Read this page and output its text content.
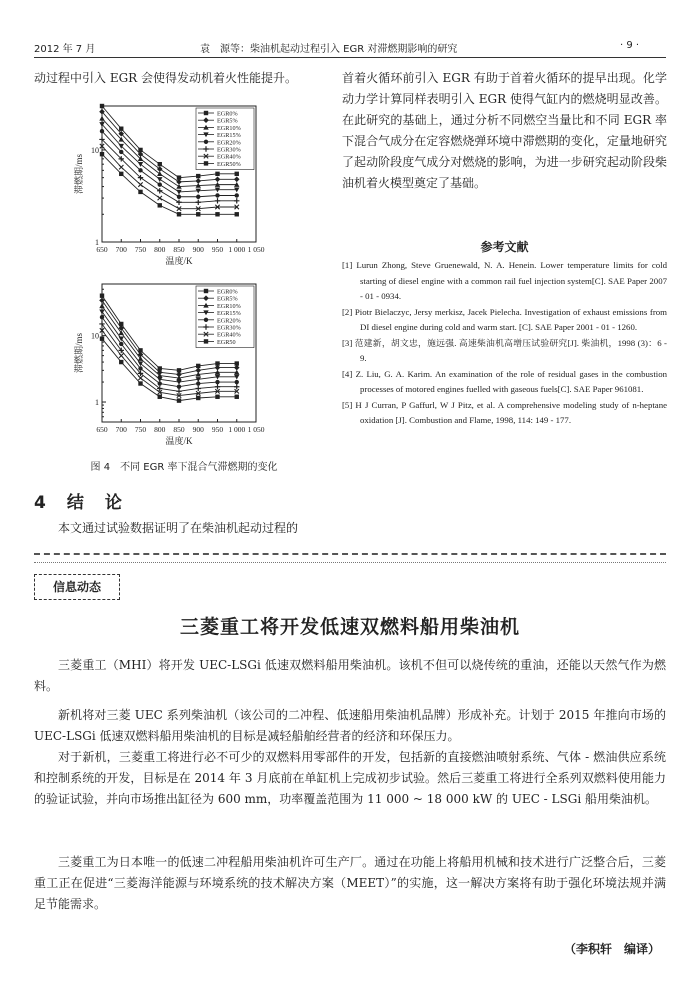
2012 年 7 月	袁　源等：柴油机起动过程引入 EGR 对滞燃期影响的研究	· 9 ·
动过程中引入 EGR 会使得发动机着火性能提升。
650 700 750 800 850 900 950 1 000 1 050
1
10
滞燃期/ms
温度/K
EGR0%
EGR5%
EGR10%
EGR15%
EGR20%
EGR30%
EGR40%
EGR50%
650 700 750 800 850 900 950 1 000 1 050
1
10
滞燃期/ms
温度/K
EGR0%
EGR5%
EGR10%
EGR15%
EGR20%
EGR30%
EGR40%
EGR50
图 4　不同 EGR 率下混合气滞燃期的变化
4　结　论
本文通过试验数据证明了在柴油机起动过程的
首着火循环前引入 EGR 有助于首着火循环的提早出现。化学动力学计算同样表明引入 EGR 使得气缸内的燃烧明显改善。在此研究的基础上，通过分析不同燃空当量比和不同 EGR 率下混合气成分在定容燃烧弹环境中滞燃期的变化，定量地研究了起动阶段度气成分对燃烧的影响，为进一步研究起动阶段柴油机着火模型奠定了基础。
参考文献
[1] Lurun Zhong, Steve Gruenewald, N. A. Henein. Lower temperature limits for cold starting of diesel engine with a common rail fuel injection system[C]. SAE Paper 2007 - 01 - 0934.
[2] Piotr Bielaczyc, Jersy merkisz, Jacek Pielecha. Investigation of exhaust emissions from DI diesel engine during cold and warm start. [C]. SAE Paper 2001 - 01 - 1260.
[3] 范建新，胡文忠，施远强. 高速柴油机高增压试验研究[J]. 柴油机，1998 (3)：6 - 9.
[4] Z. Liu, G. A. Karim. An examination of the role of residual gases in the combustion processes of motored engines fuelled with gaseous fuels[C]. SAE Paper 961081.
[5] H J Curran, P Gaffurl, W J Pitz, et al. A comprehensive modeling study of n-heptane oxidation [J]. Combustion and Flame, 1998, 114: 149 - 177.
信息动态
三菱重工将开发低速双燃料船用柴油机
三菱重工（MHI）将开发 UEC-LSGi 低速双燃料船用柴油机。该机不但可以烧传统的重油，还能以天然气作为燃料。
新机将对三菱 UEC 系列柴油机（该公司的二冲程、低速船用柴油机品牌）形成补充。计划于 2015 年推向市场的 UEC-LSGi 低速双燃料船用柴油机的目标是减轻船舶经营者的经济和环保压力。
对于新机，三菱重工将进行必不可少的双燃料用零部件的开发，包括新的直接燃油喷射系统、气体 - 燃油供应系统和控制系统的开发，目标是在 2014 年 3 月底前在单缸机上完成初步试验。然后三菱重工将进行全系列双燃料使用能力的验证试验，并向市场推出缸径为 600 mm，功率覆盖范围为 11 000 ~ 18 000 kW 的 UEC - LSGi 船用柴油机。
三菱重工为日本唯一的低速二冲程船用柴油机许可生产厂。通过在功能上将船用机械和技术进行广泛整合后，三菱重工正在促进“三菱海洋能源与环境系统的技术解决方案（MEET）”的实施，这一解决方案将有助于强化环境法规并满足节能需求。
（李积轩　编译）
